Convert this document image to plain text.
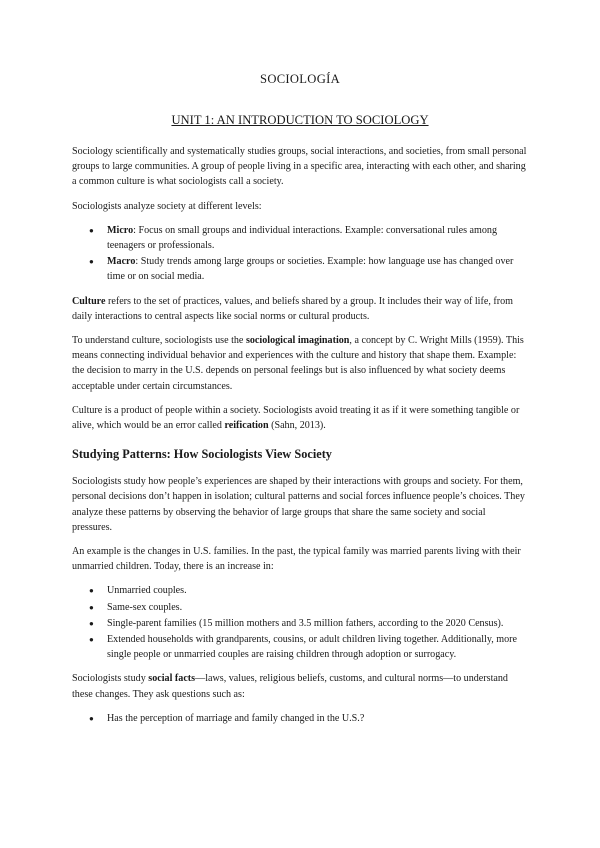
SOCIOLOGÍA
UNIT 1: AN INTRODUCTION TO SOCIOLOGY

Sociology scientifically and systematically studies groups, social interactions, and societies, from small personal groups to large communities. A group of people living in a specific area, interacting with each other, and sharing a common culture is what sociologists call a society.

Sociologists analyze society at different levels:

● Micro: Focus on small groups and individual interactions. Example: conversational rules among teenagers or professionals.
● Macro: Study trends among large groups or societies. Example: how language use has changed over time or on social media.

Culture refers to the set of practices, values, and beliefs shared by a group. It includes their way of life, from daily interactions to central aspects like social norms or cultural products.

To understand culture, sociologists use the sociological imagination, a concept by C. Wright Mills (1959). This means connecting individual behavior and experiences with the culture and history that shape them. Example: the decision to marry in the U.S. depends on personal feelings but is also influenced by what society deems acceptable under certain circumstances.

Culture is a product of people within a society. Sociologists avoid treating it as if it were something tangible or alive, which would be an error called reification (Sahn, 2013).

Studying Patterns: How Sociologists View Society

Sociologists study how people’s experiences are shaped by their interactions with groups and society. For them, personal decisions don’t happen in isolation; cultural patterns and social forces influence people’s choices. They analyze these patterns by observing the behavior of large groups that share the same society and social pressures.

An example is the changes in U.S. families. In the past, the typical family was married parents living with their unmarried children. Today, there is an increase in:

● Unmarried couples.
● Same-sex couples.
● Single-parent families (15 million mothers and 3.5 million fathers, according to the 2020 Census).
● Extended households with grandparents, cousins, or adult children living together. Additionally, more single people or unmarried couples are raising children through adoption or surrogacy.

Sociologists study social facts—laws, values, religious beliefs, customs, and cultural norms—to understand these changes. They ask questions such as:

● Has the perception of marriage and family changed in the U.S.?
